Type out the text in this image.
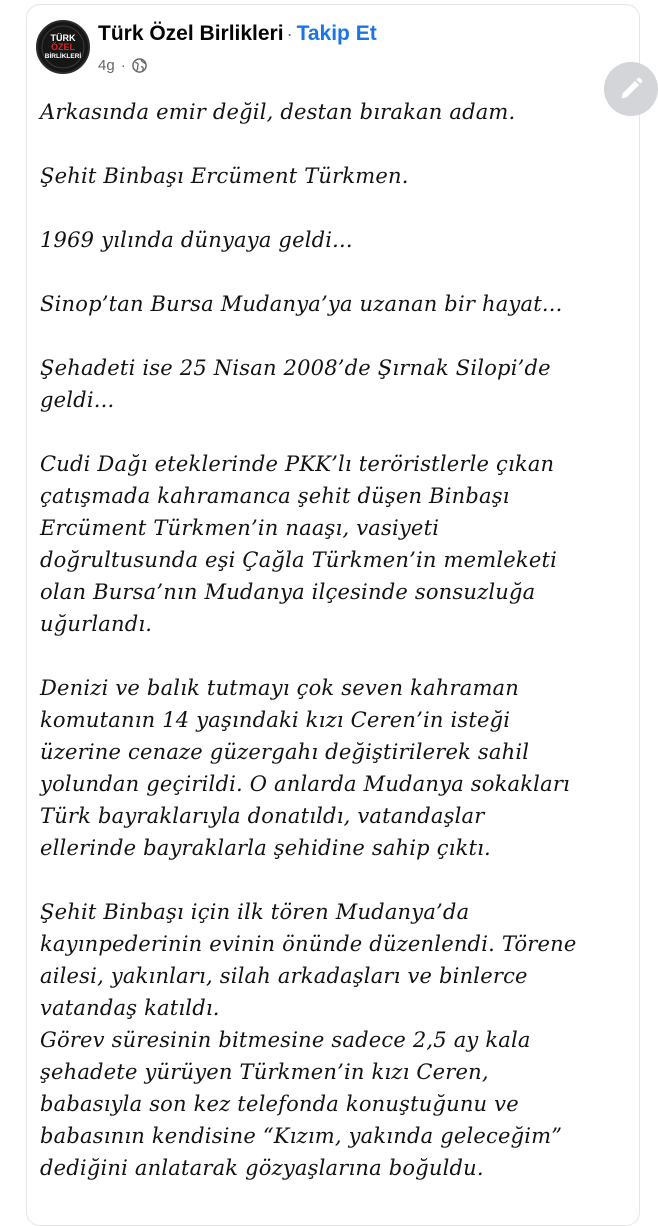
TÜRK
ÖZEL
BİRLİKLERİ
Türk Özel Birlikleri · Takip Et
4g ·

Arkasında emir değil, destan bırakan adam.

Şehit Binbaşı Ercüment Türkmen.

1969 yılında dünyaya geldi...

Sinop’tan Bursa Mudanya’ya uzanan bir hayat...

Şehadeti ise 25 Nisan 2008’de Şırnak Silopi’de
geldi...

Cudi Dağı eteklerinde PKK’lı teröristlerle çıkan
çatışmada kahramanca şehit düşen Binbaşı
Ercüment Türkmen’in naaşı, vasiyeti
doğrultusunda eşi Çağla Türkmen’in memleketi
olan Bursa’nın Mudanya ilçesinde sonsuzluğa
uğurlandı.

Denizi ve balık tutmayı çok seven kahraman
komutanın 14 yaşındaki kızı Ceren’in isteği
üzerine cenaze güzergahı değiştirilerek sahil
yolundan geçirildi. O anlarda Mudanya sokakları
Türk bayraklarıyla donatıldı, vatandaşlar
ellerinde bayraklarla şehidine sahip çıktı.

Şehit Binbaşı için ilk tören Mudanya’da
kayınpederinin evinin önünde düzenlendi. Törene
ailesi, yakınları, silah arkadaşları ve binlerce
vatandaş katıldı.
Görev süresinin bitmesine sadece 2,5 ay kala
şehadete yürüyen Türkmen’in kızı Ceren,
babasıyla son kez telefonda konuştuğunu ve
babasının kendisine “Kızım, yakında geleceğim”
dediğini anlatarak gözyaşlarına boğuldu.
